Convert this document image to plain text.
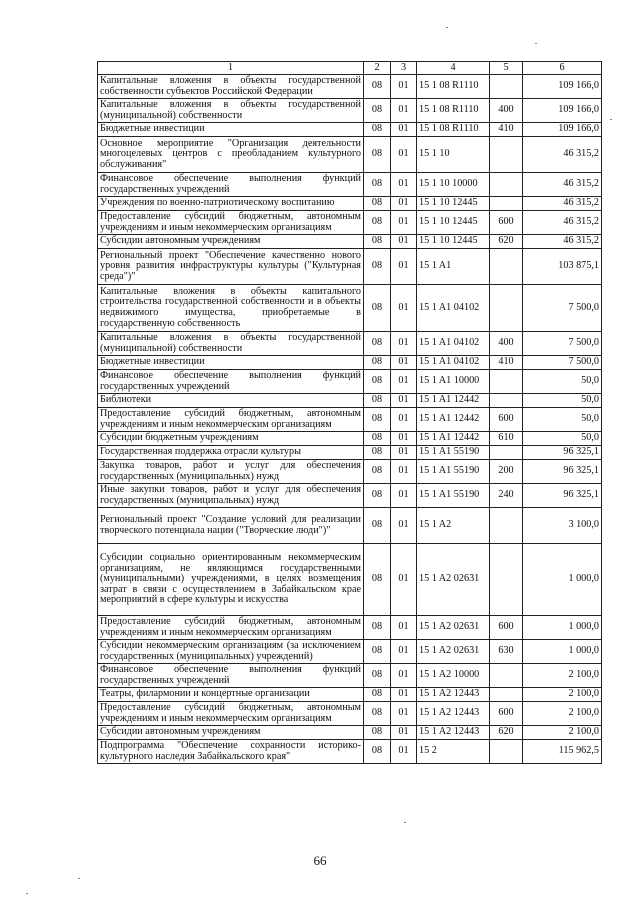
1	2	3	4	5	6
Капитальные вложения в объекты государственной собственности субъектов Российской Федерации	08	01	15 1 08 R1110		109 166,0
Капитальные вложения в объекты государственной (муниципальной) собственности	08	01	15 1 08 R1110	400	109 166,0
Бюджетные инвестиции	08	01	15 1 08 R1110	410	109 166,0
Основное мероприятие "Организация деятельности многоцелевых центров с преобладанием культурного обслуживания"	08	01	15 1 10		46 315,2
Финансовое обеспечение выполнения функций государственных учреждений	08	01	15 1 10 10000		46 315,2
Учреждения по военно-патриотическому воспитанию	08	01	15 1 10 12445		46 315,2
Предоставление субсидий бюджетным, автономным учреждениям и иным некоммерческим организациям	08	01	15 1 10 12445	600	46 315,2
Субсидии автономным учреждениям	08	01	15 1 10 12445	620	46 315,2
Региональный проект "Обеспечение качественно нового уровня развития инфраструктуры культуры ("Культурная среда")"	08	01	15 1 A1		103 875,1
Капитальные вложения в объекты капитального строительства государственной собственности и в объекты недвижимого имущества, приобретаемые в государственную собственность	08	01	15 1 A1 04102		7 500,0
Капитальные вложения в объекты государственной (муниципальной) собственности	08	01	15 1 A1 04102	400	7 500,0
Бюджетные инвестиции	08	01	15 1 A1 04102	410	7 500,0
Финансовое обеспечение выполнения функций государственных учреждений	08	01	15 1 A1 10000		50,0
Библиотеки	08	01	15 1 A1 12442		50,0
Предоставление субсидий бюджетным, автономным учреждениям и иным некоммерческим организациям	08	01	15 1 A1 12442	600	50,0
Субсидии бюджетным учреждениям	08	01	15 1 A1 12442	610	50,0
Государственная поддержка отрасли культуры	08	01	15 1 A1 55190		96 325,1
Закупка товаров, работ и услуг для обеспечения государственных (муниципальных) нужд	08	01	15 1 A1 55190	200	96 325,1
Иные закупки товаров, работ и услуг для обеспечения государственных (муниципальных) нужд	08	01	15 1 A1 55190	240	96 325,1
Региональный проект "Создание условий для реализации творческого потенциала нации ("Творческие люди")"	08	01	15 1 A2		3 100,0
Субсидии социально ориентированным некоммерческим организациям, не являющимся государственными (муниципальными) учреждениями, в целях возмещения затрат в связи с осуществлением в Забайкальском крае мероприятий в сфере культуры и искусства	08	01	15 1 A2 02631		1 000,0
Предоставление субсидий бюджетным, автономным учреждениям и иным некоммерческим организациям	08	01	15 1 A2 02631	600	1 000,0
Субсидии некоммерческим организациям (за исключением государственных (муниципальных) учреждений)	08	01	15 1 A2 02631	630	1 000,0
Финансовое обеспечение выполнения функций государственных учреждений	08	01	15 1 A2 10000		2 100,0
Театры, филармонии и концертные организации	08	01	15 1 A2 12443		2 100,0
Предоставление субсидий бюджетным, автономным учреждениям и иным некоммерческим организациям	08	01	15 1 A2 12443	600	2 100,0
Субсидии автономным учреждениям	08	01	15 1 A2 12443	620	2 100,0
Подпрограмма "Обеспечение сохранности историко-культурного наследия Забайкальского края"	08	01	15 2		115 962,5
66
